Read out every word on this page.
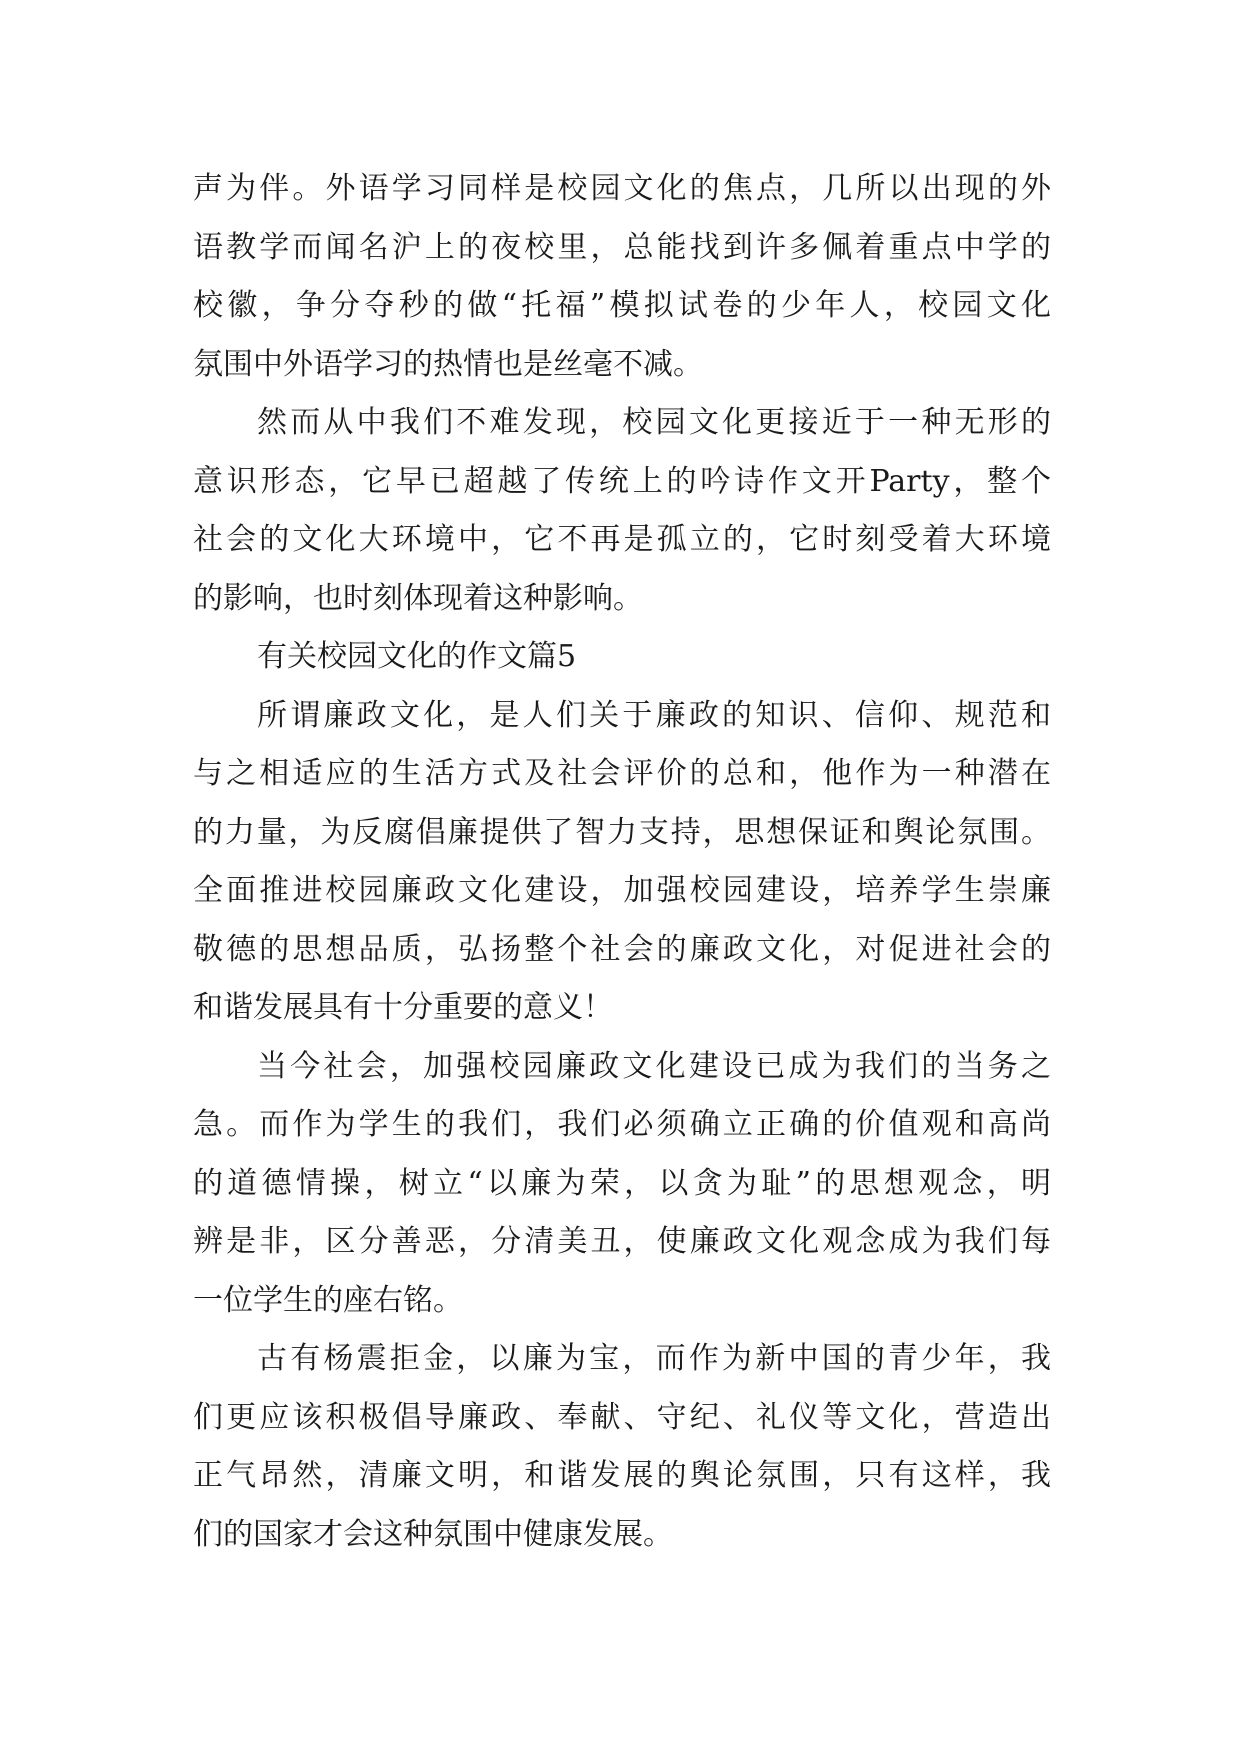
声为伴。外语学习同样是校园文化的焦点，几所以出现的外
语教学而闻名沪上的夜校里，总能找到许多佩着重点中学的
校徽，争分夺秒的做“托福”模拟试卷的少年人，校园文化
氛围中外语学习的热情也是丝毫不减。
然而从中我们不难发现，校园文化更接近于一种无形的
意识形态，它早已超越了传统上的吟诗作文开Party，整个
社会的文化大环境中，它不再是孤立的，它时刻受着大环境
的影响，也时刻体现着这种影响。
有关校园文化的作文篇5
所谓廉政文化，是人们关于廉政的知识、信仰、规范和
与之相适应的生活方式及社会评价的总和，他作为一种潜在
的力量，为反腐倡廉提供了智力支持，思想保证和舆论氛围。
全面推进校园廉政文化建设，加强校园建设，培养学生崇廉
敬德的思想品质，弘扬整个社会的廉政文化，对促进社会的
和谐发展具有十分重要的意义！
当今社会，加强校园廉政文化建设已成为我们的当务之
急。而作为学生的我们，我们必须确立正确的价值观和高尚
的道德情操，树立“以廉为荣，以贪为耻”的思想观念，明
辨是非，区分善恶，分清美丑，使廉政文化观念成为我们每
一位学生的座右铭。
古有杨震拒金，以廉为宝，而作为新中国的青少年，我
们更应该积极倡导廉政、奉献、守纪、礼仪等文化，营造出
正气昂然，清廉文明，和谐发展的舆论氛围，只有这样，我
们的国家才会这种氛围中健康发展。
